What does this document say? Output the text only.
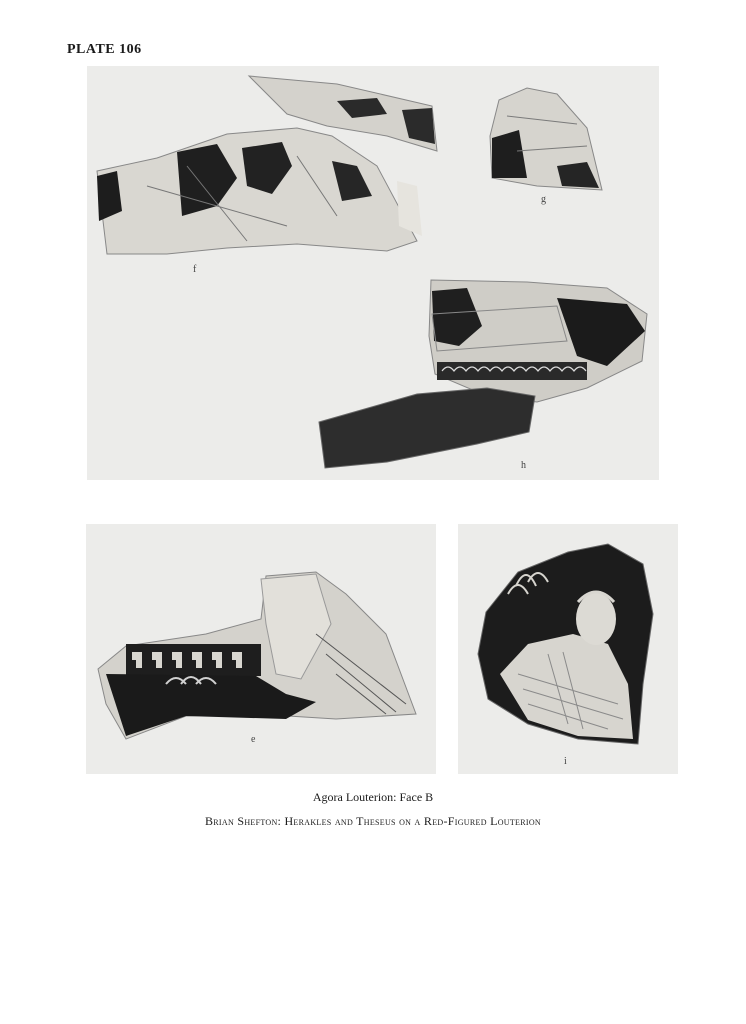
PLATE 106
f
g
h
e
i
Agora Louterion: Face B
Brian Shefton: Herakles and Theseus on a Red-Figured Louterion
